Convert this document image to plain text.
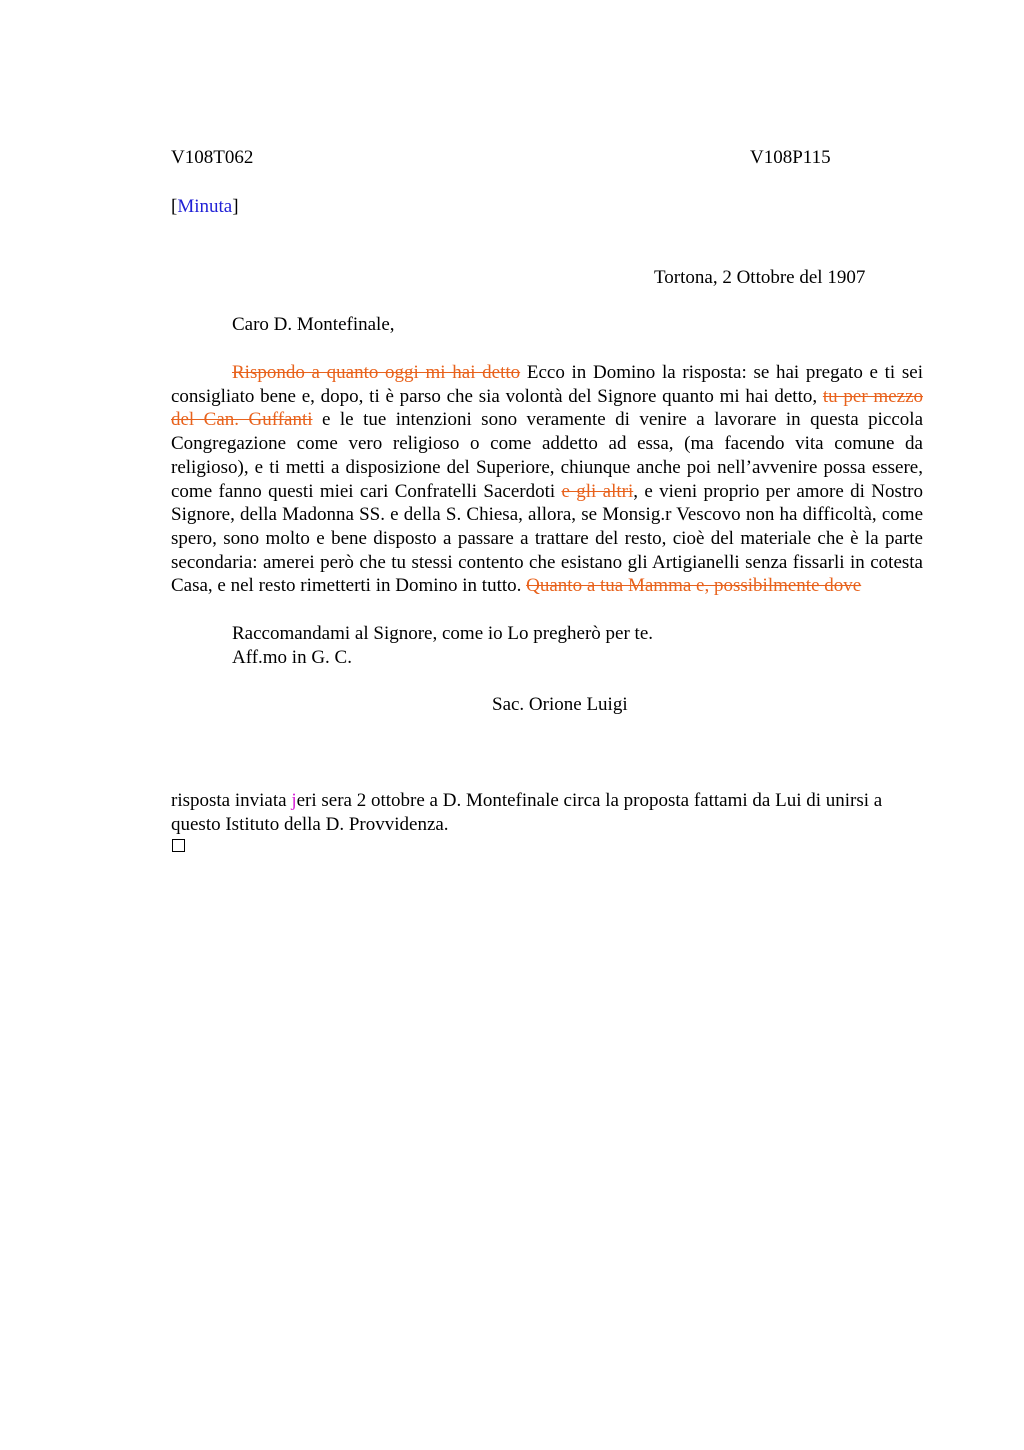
V108T062	V108P115
[Minuta]
Tortona, 2 Ottobre del 1907
Caro D. Montefinale,

Rispondo a quanto oggi mi hai detto Ecco in Domino la risposta: se hai pregato e ti sei consigliato bene e, dopo, ti è parso che sia volontà del Signore quanto mi hai detto, tu per mezzo del Can. Guffanti e le tue intenzioni sono veramente di venire a lavorare in questa piccola Congregazione come vero religioso o come addetto ad essa, (ma facendo vita comune da religioso), e ti metti a disposizione del Superiore, chiunque anche poi nell’avvenire possa essere, come fanno questi miei cari Confratelli Sacerdoti e gli altri, e vieni proprio per amore di Nostro Signore, della Madonna SS. e della S. Chiesa, allora, se Monsig.r Vescovo non ha difficoltà, come spero, sono molto e bene disposto a passare a trattare del resto, cioè del materiale che è la parte secondaria: amerei però che tu stessi contento che esistano gli Artigianelli senza fissarli in cotesta Casa, e nel resto rimetterti in Domino in tutto. Quanto a tua Mamma e, possibilmente dove

Raccomandami al Signore, come io Lo pregherò per te.
Aff.mo in G. C.
Sac. Orione Luigi

risposta inviata jeri sera 2 ottobre a D. Montefinale circa la proposta fattami da Lui di unirsi a questo Istituto della D. Provvidenza.
